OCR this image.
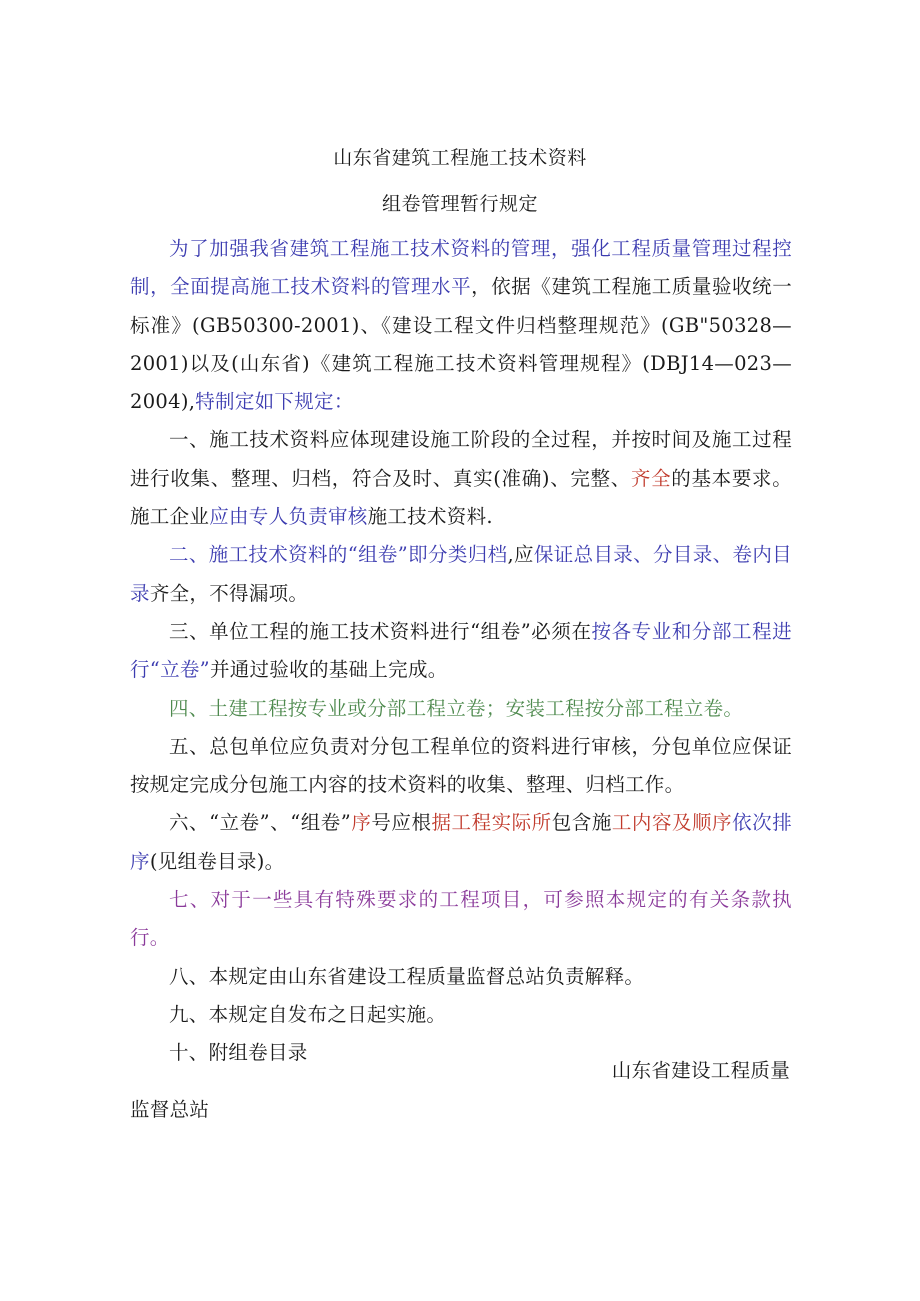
山东省建筑工程施工技术资料
组卷管理暂行规定

为了加强我省建筑工程施工技术资料的管理，强化工程质量管理过程控制，全面提高施工技术资料的管理水平，依据《建筑工程施工质量验收统一标准》(GB50300-2001)、《建设工程文件归档整理规范》(GB"50328—2001)以及(山东省)《建筑工程施工技术资料管理规程》(DBJ14—023—2004),特制定如下规定：

一、施工技术资料应体现建设施工阶段的全过程，并按时间及施工过程进行收集、整理、归档，符合及时、真实(准确)、完整、齐全的基本要求。施工企业应由专人负责审核施工技术资料.

二、施工技术资料的“组卷”即分类归档,应保证总目录、分目录、卷内目录齐全，不得漏项。

三、单位工程的施工技术资料进行“组卷”必须在按各专业和分部工程进行“立卷”并通过验收的基础上完成。

四、土建工程按专业或分部工程立卷；安装工程按分部工程立卷。

五、总包单位应负责对分包工程单位的资料进行审核，分包单位应保证按规定完成分包施工内容的技术资料的收集、整理、归档工作。

六、“立卷”、“组卷”序号应根据工程实际所包含施工内容及顺序依次排序(见组卷目录)。

七、对于一些具有特殊要求的工程项目，可参照本规定的有关条款执行。

八、本规定由山东省建设工程质量监督总站负责解释。

九、本规定自发布之日起实施。

十、附组卷目录

山东省建设工程质量
监督总站
